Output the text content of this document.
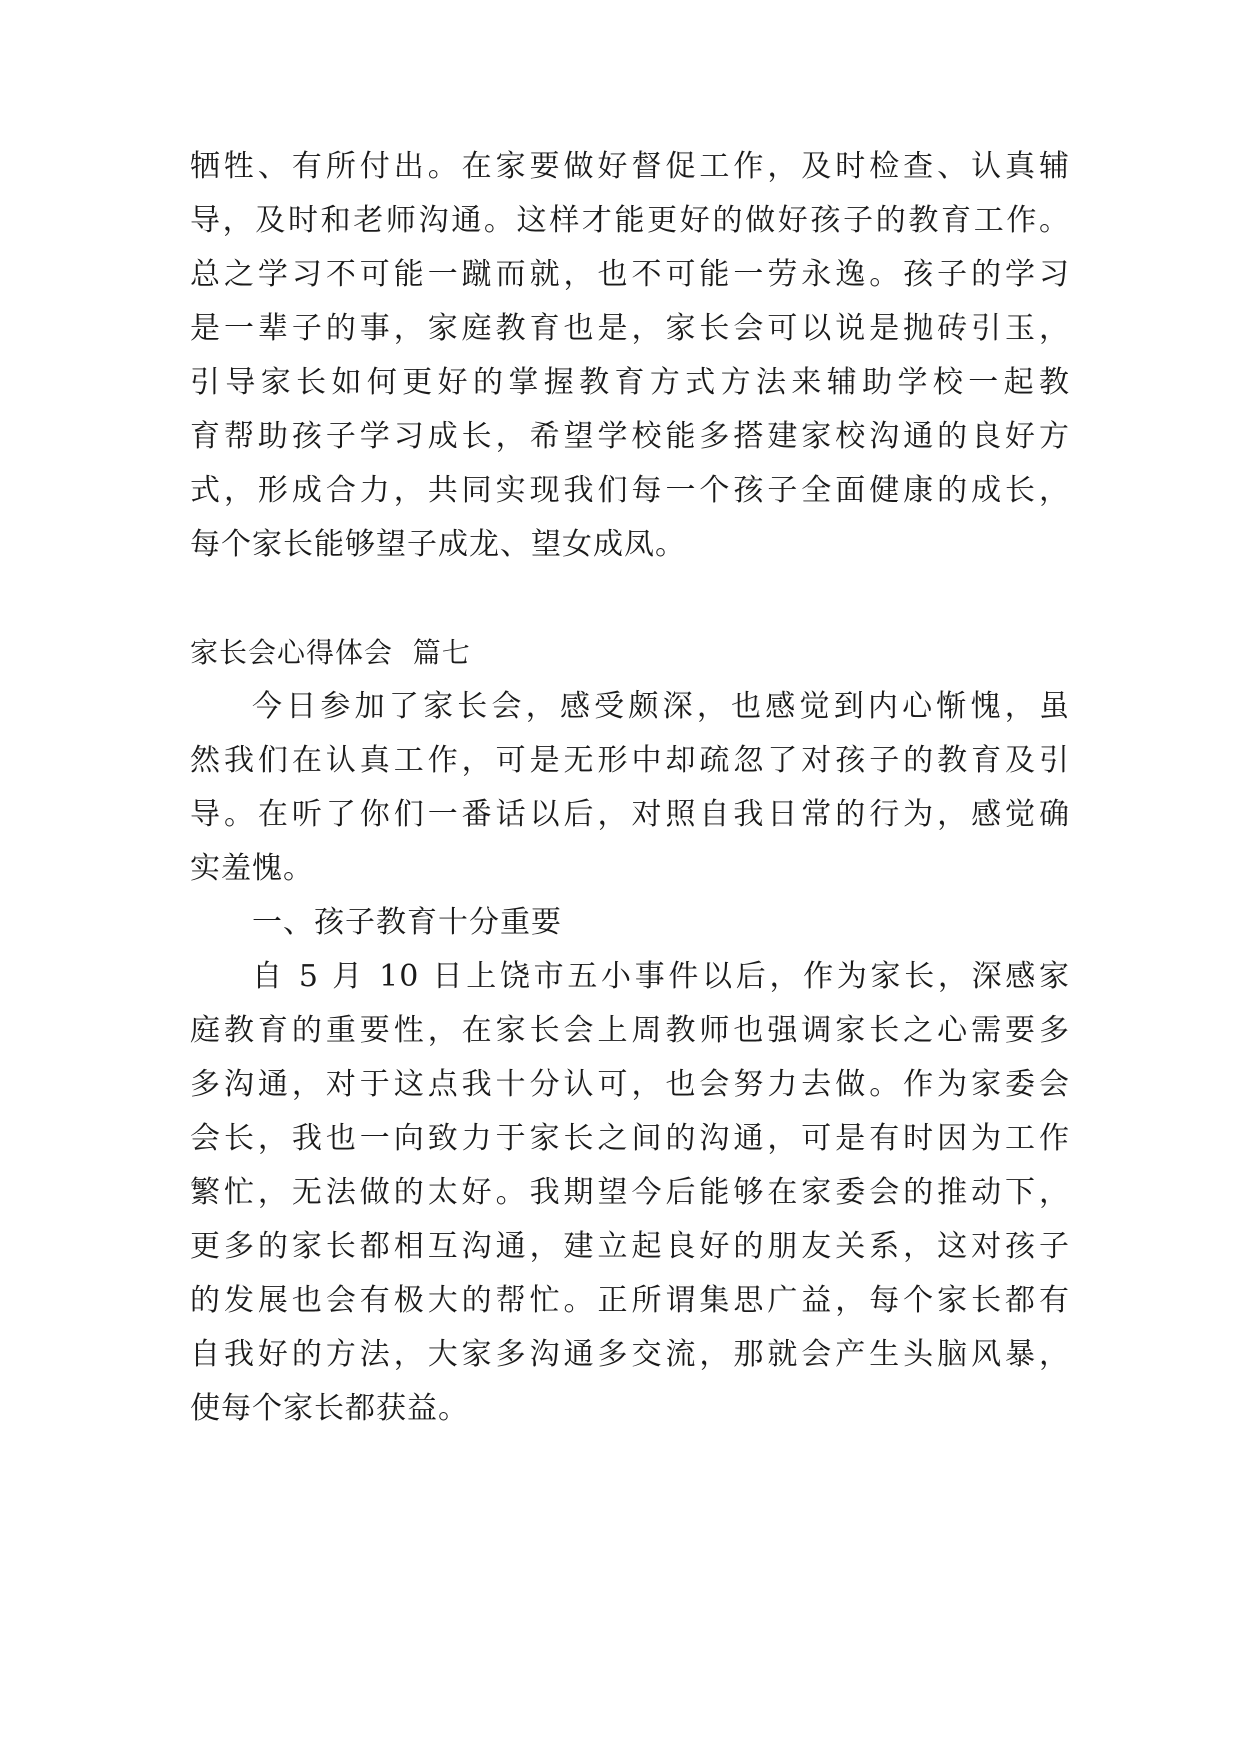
牺牲、有所付出。在家要做好督促工作，及时检查、认真辅
导，及时和老师沟通。这样才能更好的做好孩子的教育工作。
总之学习不可能一蹴而就，也不可能一劳永逸。孩子的学习
是一辈子的事，家庭教育也是，家长会可以说是抛砖引玉，
引导家长如何更好的掌握教育方式方法来辅助学校一起教
育帮助孩子学习成长，希望学校能多搭建家校沟通的良好方
式，形成合力，共同实现我们每一个孩子全面健康的成长，
每个家长能够望子成龙、望女成凤。
家长会心得体会  篇七
今日参加了家长会，感受颇深，也感觉到内心惭愧，虽
然我们在认真工作，可是无形中却疏忽了对孩子的教育及引
导。在听了你们一番话以后，对照自我日常的行为，感觉确
实羞愧。
一、孩子教育十分重要
自 5 月 10 日上饶市五小事件以后，作为家长，深感家
庭教育的重要性，在家长会上周教师也强调家长之心需要多
多沟通，对于这点我十分认可，也会努力去做。作为家委会
会长，我也一向致力于家长之间的沟通，可是有时因为工作
繁忙，无法做的太好。我期望今后能够在家委会的推动下，
更多的家长都相互沟通，建立起良好的朋友关系，这对孩子
的发展也会有极大的帮忙。正所谓集思广益，每个家长都有
自我好的方法，大家多沟通多交流，那就会产生头脑风暴，
使每个家长都获益。
